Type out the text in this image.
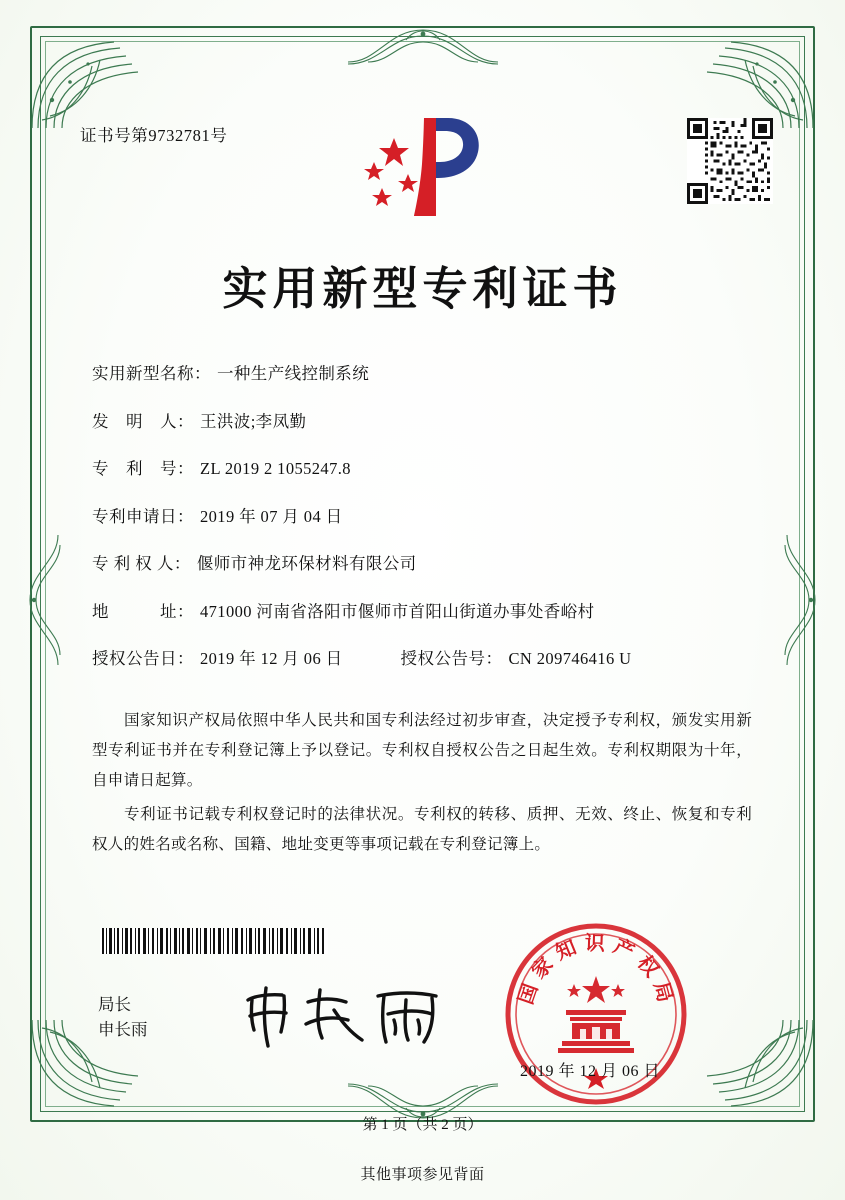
证书号第9732781号
实用新型专利证书
实用新型名称： 一种生产线控制系统
发　明　人： 王洪波;李凤勤
专　利　号： ZL 2019 2 1055247.8
专利申请日： 2019 年 07 月 04 日
专 利 权 人： 偃师市神龙环保材料有限公司
地　　　址： 471000 河南省洛阳市偃师市首阳山街道办事处香峪村
授权公告日： 2019 年 12 月 06 日	授权公告号： CN 209746416 U

国家知识产权局依照中华人民共和国专利法经过初步审查，决定授予专利权，颁发实用新型专利证书并在专利登记簿上予以登记。专利权自授权公告之日起生效。专利权期限为十年，自申请日起算。

专利证书记载专利权登记时的法律状况。专利权的转移、质押、无效、终止、恢复和专利权人的姓名或名称、国籍、地址变更等事项记载在专利登记簿上。

局长
申长雨
国家知识产权局
2019 年 12 月 06 日
第 1 页（共 2 页）
其他事项参见背面
